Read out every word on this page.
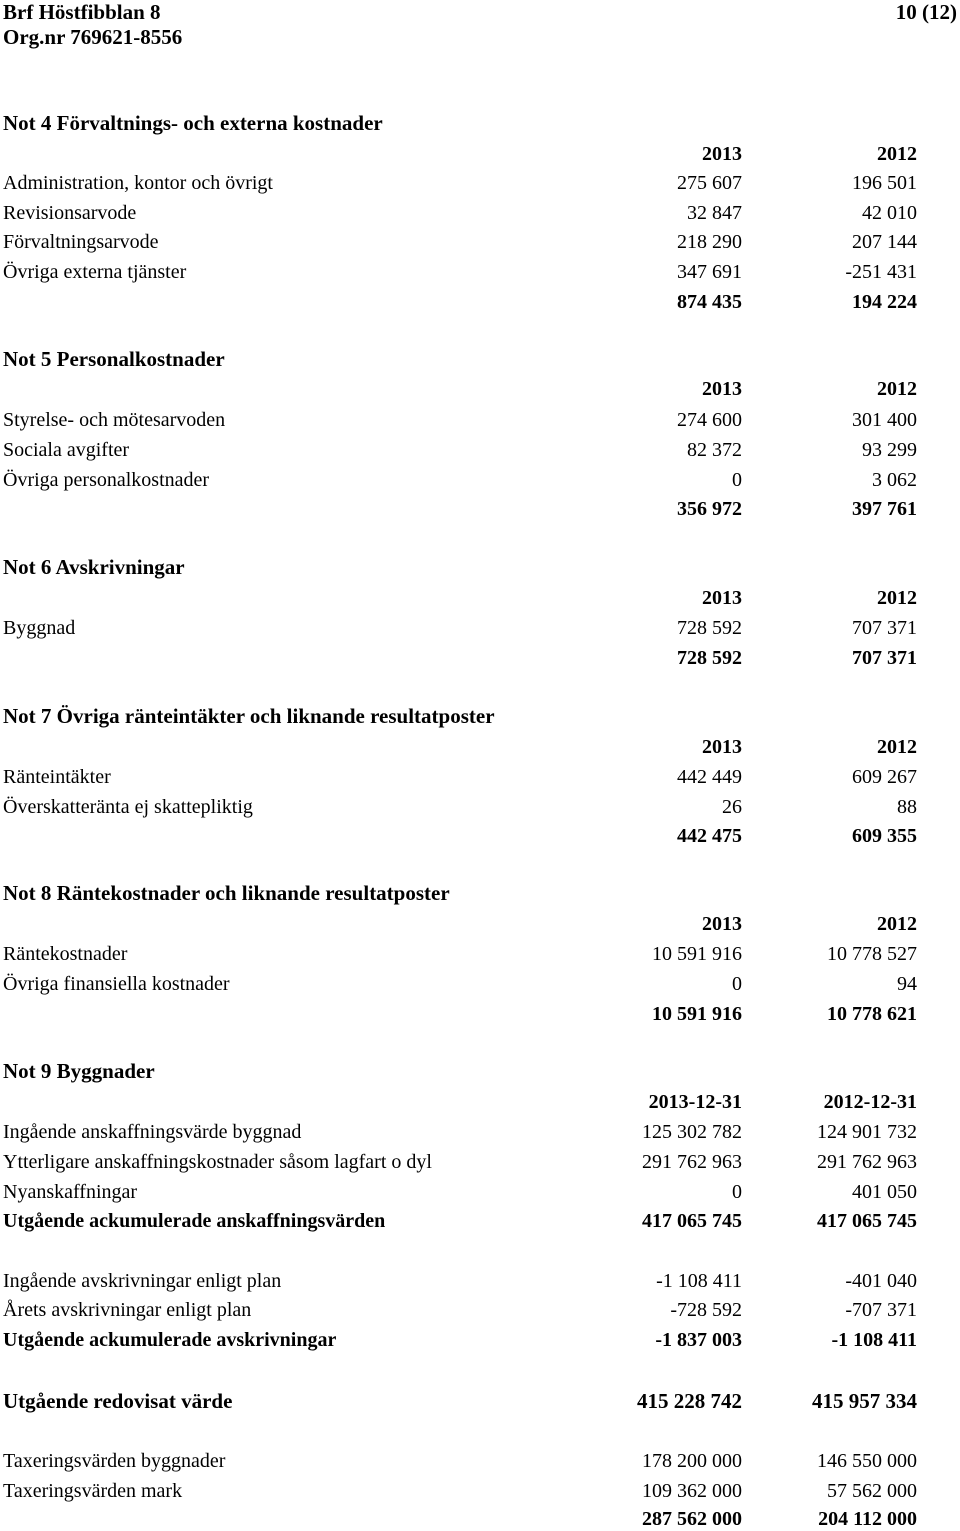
Brf Höstfibblan 8
Org.nr 769621-8556
10 (12)
Not 4 Förvaltnings- och externa kostnader
2013	2012
Administration, kontor och övrigt	275 607	196 501
Revisionsarvode	32 847	42 010
Förvaltningsarvode	218 290	207 144
Övriga externa tjänster	347 691	-251 431
874 435	194 224
Not 5 Personalkostnader
2013	2012
Styrelse- och mötesarvoden	274 600	301 400
Sociala avgifter	82 372	93 299
Övriga personalkostnader	0	3 062
356 972	397 761
Not 6 Avskrivningar
2013	2012
Byggnad	728 592	707 371
728 592	707 371
Not 7 Övriga ränteintäkter och liknande resultatposter
2013	2012
Ränteintäkter	442 449	609 267
Överskatteränta ej skattepliktig	26	88
442 475	609 355
Not 8 Räntekostnader och liknande resultatposter
2013	2012
Räntekostnader	10 591 916	10 778 527
Övriga finansiella kostnader	0	94
10 591 916	10 778 621
Not 9 Byggnader
2013-12-31	2012-12-31
Ingående anskaffningsvärde byggnad	125 302 782	124 901 732
Ytterligare anskaffningskostnader såsom lagfart o dyl	291 762 963	291 762 963
Nyanskaffningar	0	401 050
Utgående ackumulerade anskaffningsvärden	417 065 745	417 065 745
Ingående avskrivningar enligt plan	-1 108 411	-401 040
Årets avskrivningar enligt plan	-728 592	-707 371
Utgående ackumulerade avskrivningar	-1 837 003	-1 108 411
Utgående redovisat värde	415 228 742	415 957 334
Taxeringsvärden byggnader	178 200 000	146 550 000
Taxeringsvärden mark	109 362 000	57 562 000
287 562 000	204 112 000
